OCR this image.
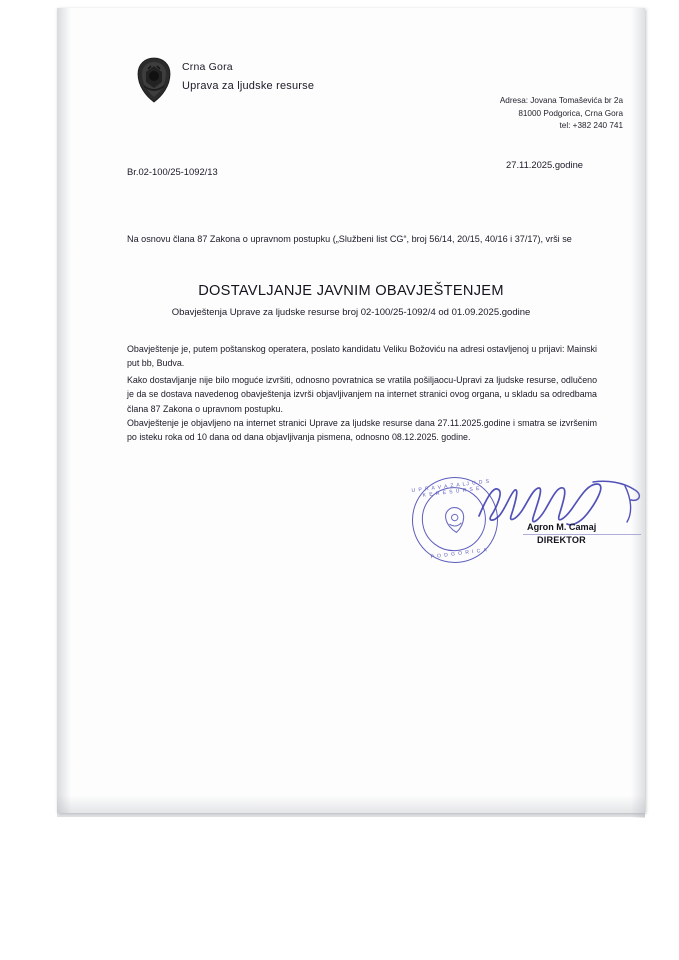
Crna Gora
Uprava za ljudske resurse
Adresa: Jovana Tomaševića br 2a
81000 Podgorica, Crna Gora
tel: +382 240 741
Br.02-100/25-1092/13
27.11.2025.godine
Na osnovu člana 87 Zakona o upravnom postupku („Službeni list CG“, broj 56/14, 20/15, 40/16 i 37/17), vrši se
DOSTAVLJANJE JAVNIM OBAVJEŠTENJEM
Obavještenja Uprave za ljudske resurse broj 02-100/25-1092/4 od 01.09.2025.godine
Obavještenje je, putem poštanskog operatera, poslato kandidatu Veliku Božoviću na adresi ostavljenoj u prijavi: Mainski put bb, Budva.
Kako dostavljanje nije bilo moguće izvršiti, odnosno povratnica se vratila pošiljaocu-Upravi za ljudske resurse, odlučeno je da se dostava navedenog obavještenja izvrši objavljivanjem na internet stranici ovog organa, u skladu sa odredbama člana 87 Zakona o upravnom postupku.
Obavještenje je objavljeno na internet stranici Uprave za ljudske resurse dana 27.11.2025.godine i smatra se izvršenim po isteku roka od 10 dana od dana objavljivanja pismena, odnosno 08.12.2025. godine.
U P R A V A Z A LJ U D S K E R E S U R S E
P O D G O R I C A
Agron M. Camaj
DIREKTOR
